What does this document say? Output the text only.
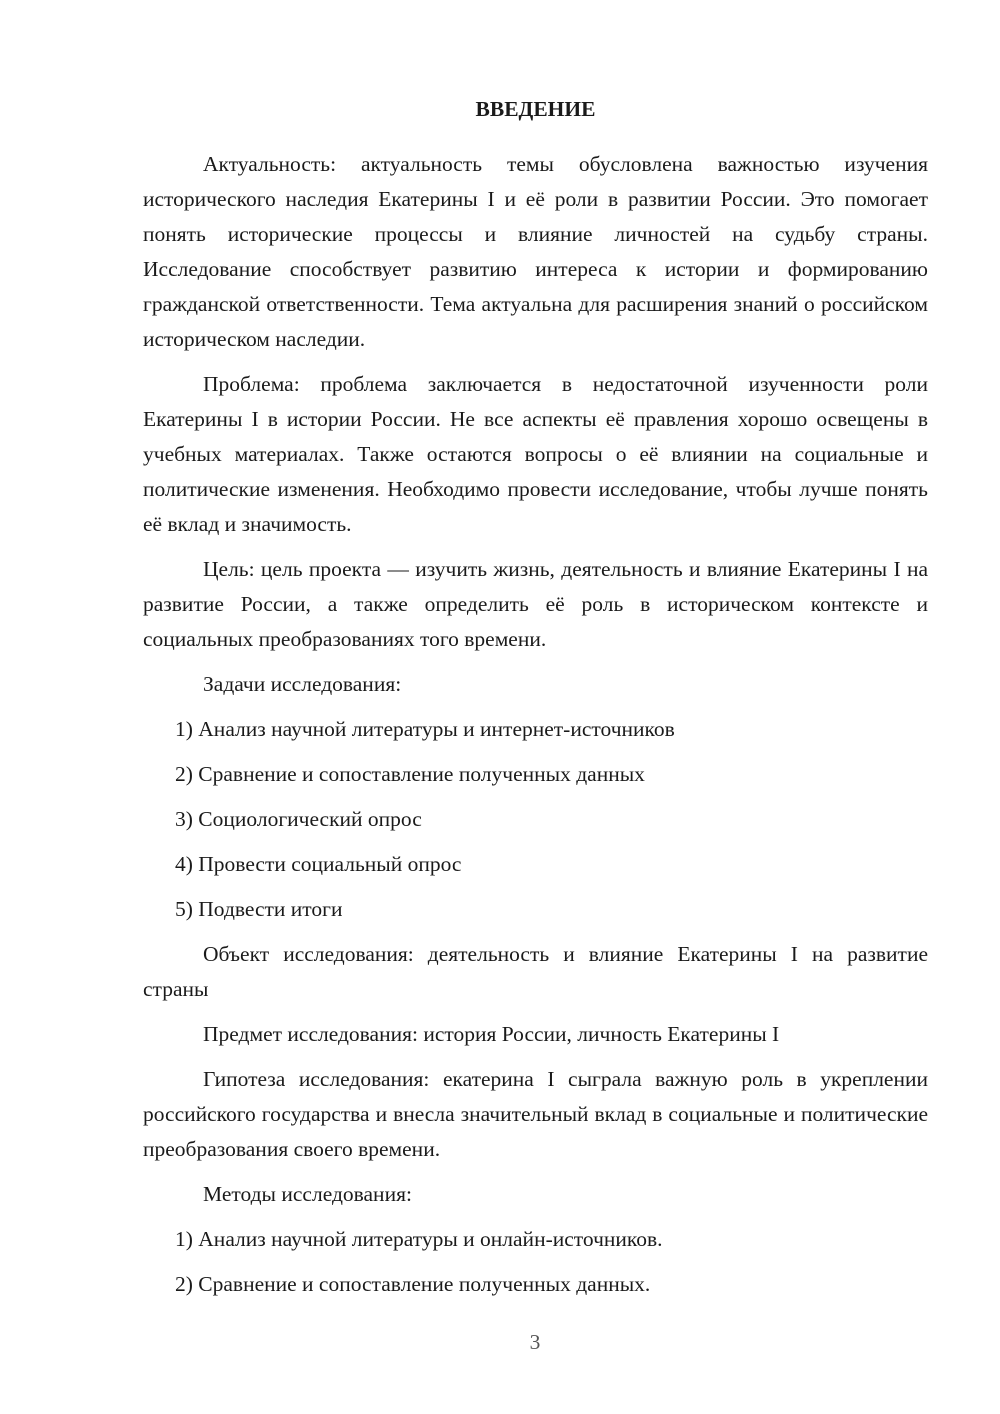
ВВЕДЕНИЕ

Актуальность: актуальность темы обусловлена важностью изучения исторического наследия Екатерины I и её роли в развитии России. Это помогает понять исторические процессы и влияние личностей на судьбу страны. Исследование способствует развитию интереса к истории и формированию гражданской ответственности. Тема актуальна для расширения знаний о российском историческом наследии.

Проблема: проблема заключается в недостаточной изученности роли Екатерины I в истории России. Не все аспекты её правления хорошо освещены в учебных материалах. Также остаются вопросы о её влиянии на социальные и политические изменения. Необходимо провести исследование, чтобы лучше понять её вклад и значимость.

Цель: цель проекта — изучить жизнь, деятельность и влияние Екатерины I на развитие России, а также определить её роль в историческом контексте и социальных преобразованиях того времени.

Задачи исследования:

1) Анализ научной литературы и интернет-источников

2) Сравнение и сопоставление полученных данных

3) Социологический опрос

4) Провести социальный опрос

5) Подвести итоги

Объект исследования: деятельность и влияние Екатерины I на развитие страны

Предмет исследования: история России, личность Екатерины I

Гипотеза исследования: екатерина I сыграла важную роль в укреплении российского государства и внесла значительный вклад в социальные и политические преобразования своего времени.

Методы исследования:

1) Анализ научной литературы и онлайн-источников.

2) Сравнение и сопоставление полученных данных.

3
